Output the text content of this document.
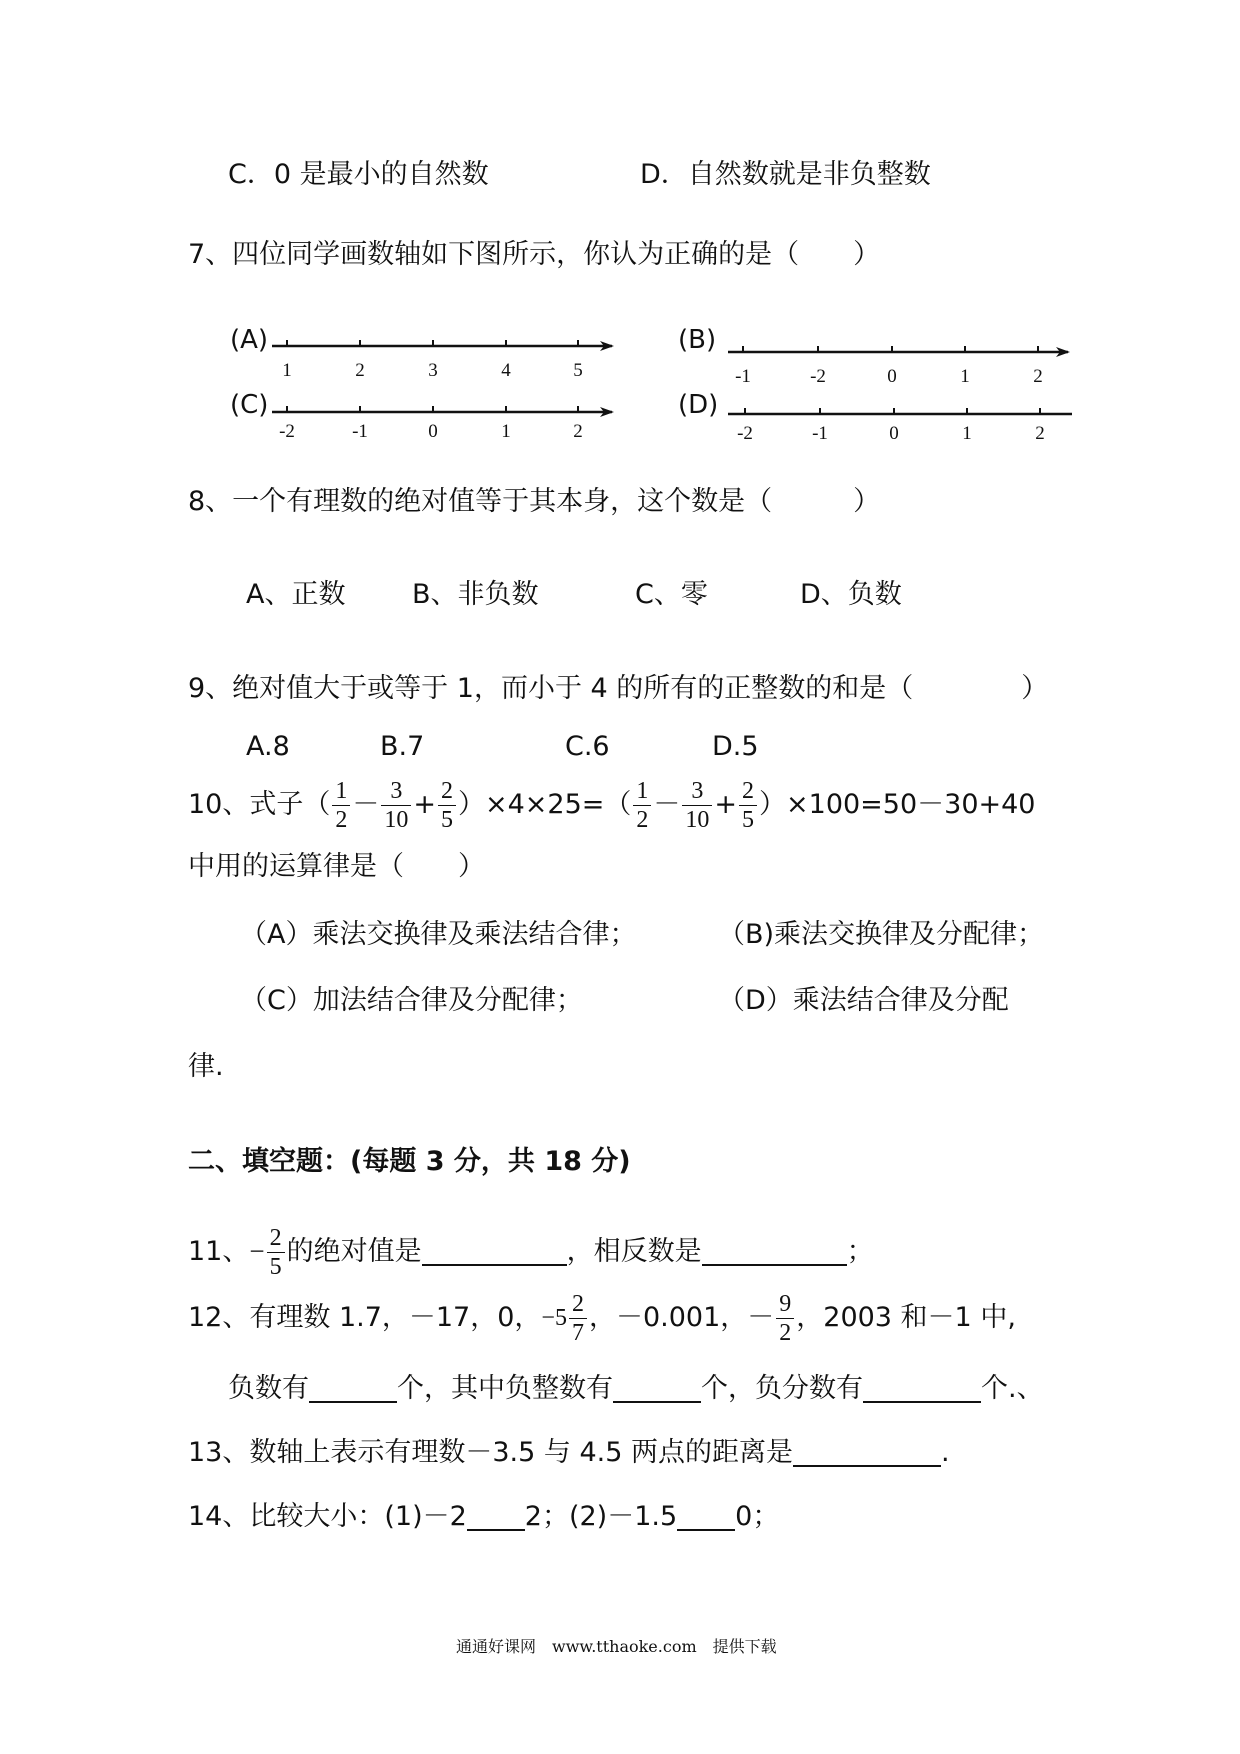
C．0 是最小的自然数	D．自然数就是非负整数
7、四位同学画数轴如下图所示，你认为正确的是（　　）
(A)	(B)
(C)	(D)
1	2	3	4	5	-1	-2	0	1	2
-2	-1	0	1	2	-2	-1	0	1	2
8、一个有理数的绝对值等于其本身，这个数是（　　　）
A、正数 B、非负数	C、零	D、负数
9、绝对值大于或等于 1，而小于 4 的所有的正整数的和是（　　　　）
A.8	B.7	C.6	D.5
10、式子（ $\frac{1}{2} - \frac{3}{10} + \frac{2}{5} )\times 4\times 25=( \frac{1}{2} - \frac{3}{10} + \frac{2}{5} )\times 100=50-30+40$
中用的运算律是（　　）
（A）乘法交换律及乘法结合律；	（B)乘法交换律及分配律；
（C）加法结合律及分配律；	（D）乘法结合律及分配
律.
二、填空题：(每题 3 分，共 18 分)
11、 − $\frac{2}{5}$ 的绝对值是	，相反数是	；
12、有理数 1.7，－17，0， $-5 \frac{2}{7}$ ，－0.001，－ $\frac{9}{2}$ ，2003 和－1 中,
负数有	个，其中负整数有	个，负分数有	个.、
13、数轴上表示有理数－3.5 与 4.5 两点的距离是	.
14、比较大小：(1)－2 2；(2)－1.5 0；
通通好课网　www.tthaoke.com　提供下载
